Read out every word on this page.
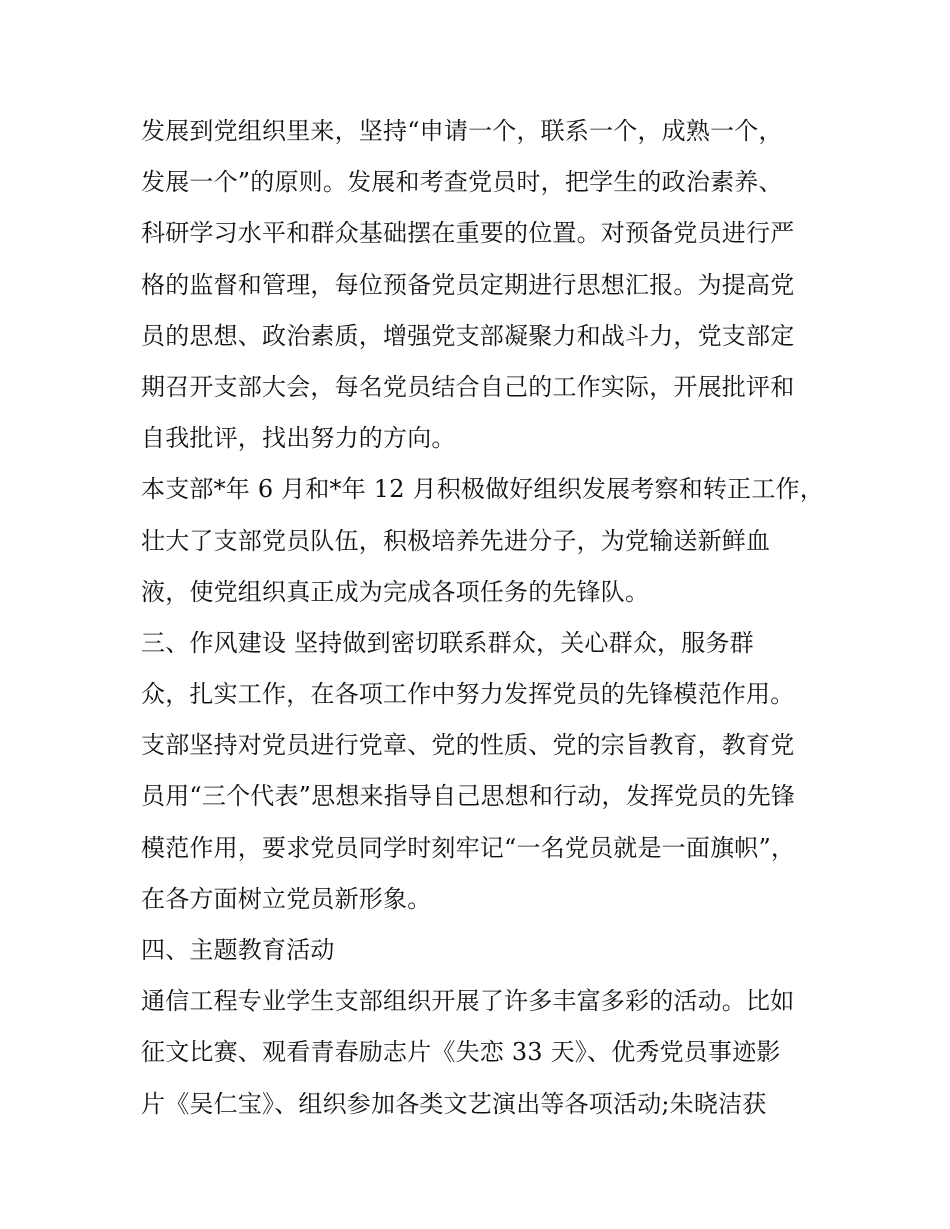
发展到党组织里来，坚持“申请一个，联系一个，成熟一个，
发展一个”的原则。发展和考查党员时，把学生的政治素养、
科研学习水平和群众基础摆在重要的位置。对预备党员进行严
格的监督和管理，每位预备党员定期进行思想汇报。为提高党
员的思想、政治素质，增强党支部凝聚力和战斗力，党支部定
期召开支部大会，每名党员结合自己的工作实际，开展批评和
自我批评，找出努力的方向。
本支部*年 6 月和*年 12 月积极做好组织发展考察和转正工作，
壮大了支部党员队伍，积极培养先进分子，为党输送新鲜血
液，使党组织真正成为完成各项任务的先锋队。
三、作风建设 坚持做到密切联系群众，关心群众，服务群
众，扎实工作，在各项工作中努力发挥党员的先锋模范作用。
支部坚持对党员进行党章、党的性质、党的宗旨教育，教育党
员用“三个代表”思想来指导自己思想和行动，发挥党员的先锋
模范作用，要求党员同学时刻牢记“一名党员就是一面旗帜”，
在各方面树立党员新形象。
四、主题教育活动
通信工程专业学生支部组织开展了许多丰富多彩的活动。比如
征文比赛、观看青春励志片《失恋 33 天》、优秀党员事迹影
片《吴仁宝》、组织参加各类文艺演出等各项活动;朱晓洁获
